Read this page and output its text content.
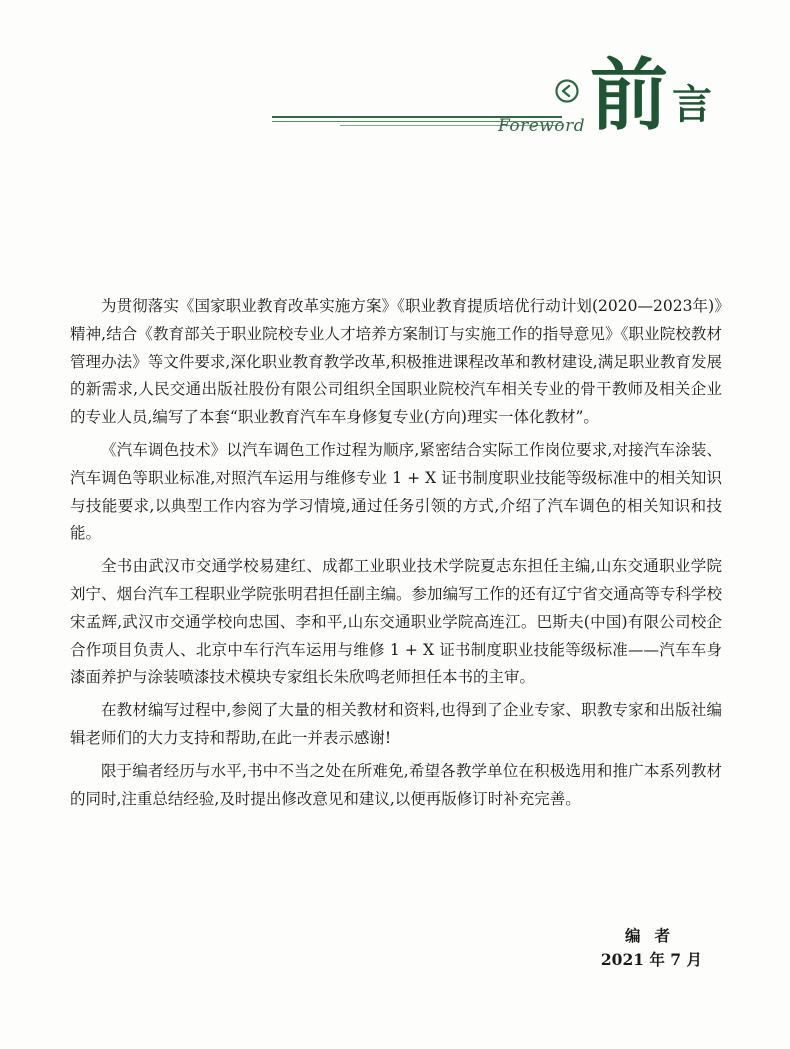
前 言
Foreword

为贯彻落实《国家职业教育改革实施方案》《职业教育提质培优行动计划(2020—2023年)》精神,结合《教育部关于职业院校专业人才培养方案制订与实施工作的指导意见》《职业院校教材管理办法》等文件要求,深化职业教育教学改革,积极推进课程改革和教材建设,满足职业教育发展的新需求,人民交通出版社股份有限公司组织全国职业院校汽车相关专业的骨干教师及相关企业的专业人员,编写了本套“职业教育汽车车身修复专业(方向)理实一体化教材”。

《汽车调色技术》以汽车调色工作过程为顺序,紧密结合实际工作岗位要求,对接汽车涂装、汽车调色等职业标准,对照汽车运用与维修专业 1 + X 证书制度职业技能等级标准中的相关知识与技能要求,以典型工作内容为学习情境,通过任务引领的方式,介绍了汽车调色的相关知识和技能。

全书由武汉市交通学校易建红、成都工业职业技术学院夏志东担任主编,山东交通职业学院刘宁、烟台汽车工程职业学院张明君担任副主编。参加编写工作的还有辽宁省交通高等专科学校宋孟辉,武汉市交通学校向忠国、李和平,山东交通职业学院高连江。巴斯夫(中国)有限公司校企合作项目负责人、北京中车行汽车运用与维修 1 + X 证书制度职业技能等级标准——汽车车身漆面养护与涂装喷漆技术模块专家组长朱欣鸣老师担任本书的主审。

在教材编写过程中,参阅了大量的相关教材和资料,也得到了企业专家、职教专家和出版社编辑老师们的大力支持和帮助,在此一并表示感谢!

限于编者经历与水平,书中不当之处在所难免,希望各教学单位在积极选用和推广本系列教材的同时,注重总结经验,及时提出修改意见和建议,以便再版修订时补充完善。

编者
2021 年 7 月
